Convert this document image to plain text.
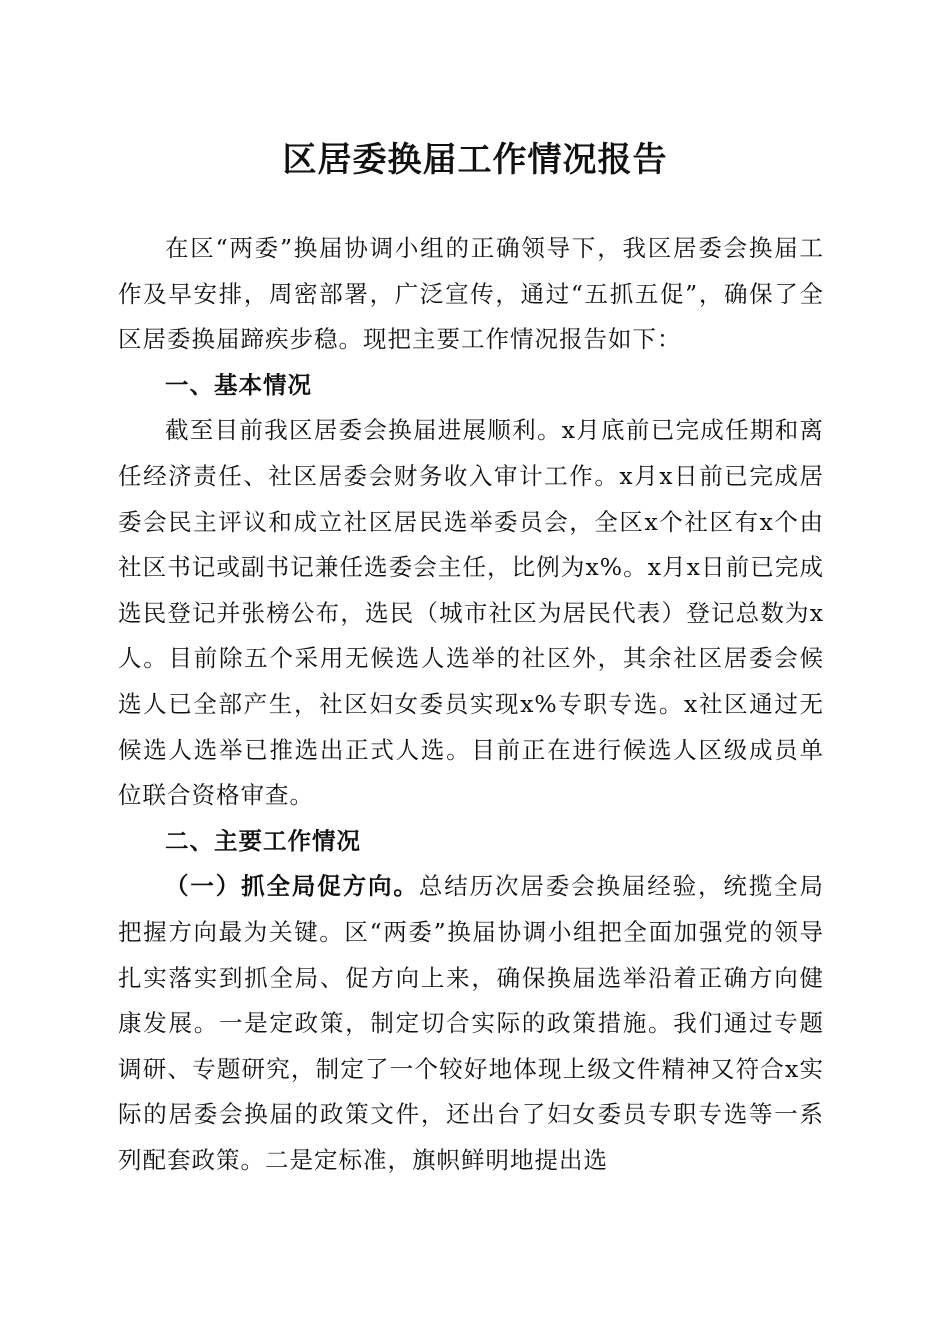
区居委换届工作情况报告

在区“两委”换届协调小组的正确领导下，我区居委会换届工作及早安排，周密部署，广泛宣传，通过“五抓五促”，确保了全区居委换届蹄疾步稳。现把主要工作情况报告如下：

一、基本情况

截至目前我区居委会换届进展顺利。x月底前已完成任期和离任经济责任、社区居委会财务收入审计工作。x月x日前已完成居委会民主评议和成立社区居民选举委员会，全区x个社区有x个由社区书记或副书记兼任选委会主任，比例为x%。x月x日前已完成选民登记并张榜公布，选民（城市社区为居民代表）登记总数为x人。目前除五个采用无候选人选举的社区外，其余社区居委会候选人已全部产生，社区妇女委员实现x%专职专选。x社区通过无候选人选举已推选出正式人选。目前正在进行候选人区级成员单位联合资格审查。

二、主要工作情况

（一）抓全局促方向。总结历次居委会换届经验，统揽全局把握方向最为关键。区“两委”换届协调小组把全面加强党的领导扎实落实到抓全局、促方向上来，确保换届选举沿着正确方向健康发展。一是定政策，制定切合实际的政策措施。我们通过专题调研、专题研究，制定了一个较好地体现上级文件精神又符合x实际的居委会换届的政策文件，还出台了妇女委员专职专选等一系列配套政策。二是定标准，旗帜鲜明地提出选
